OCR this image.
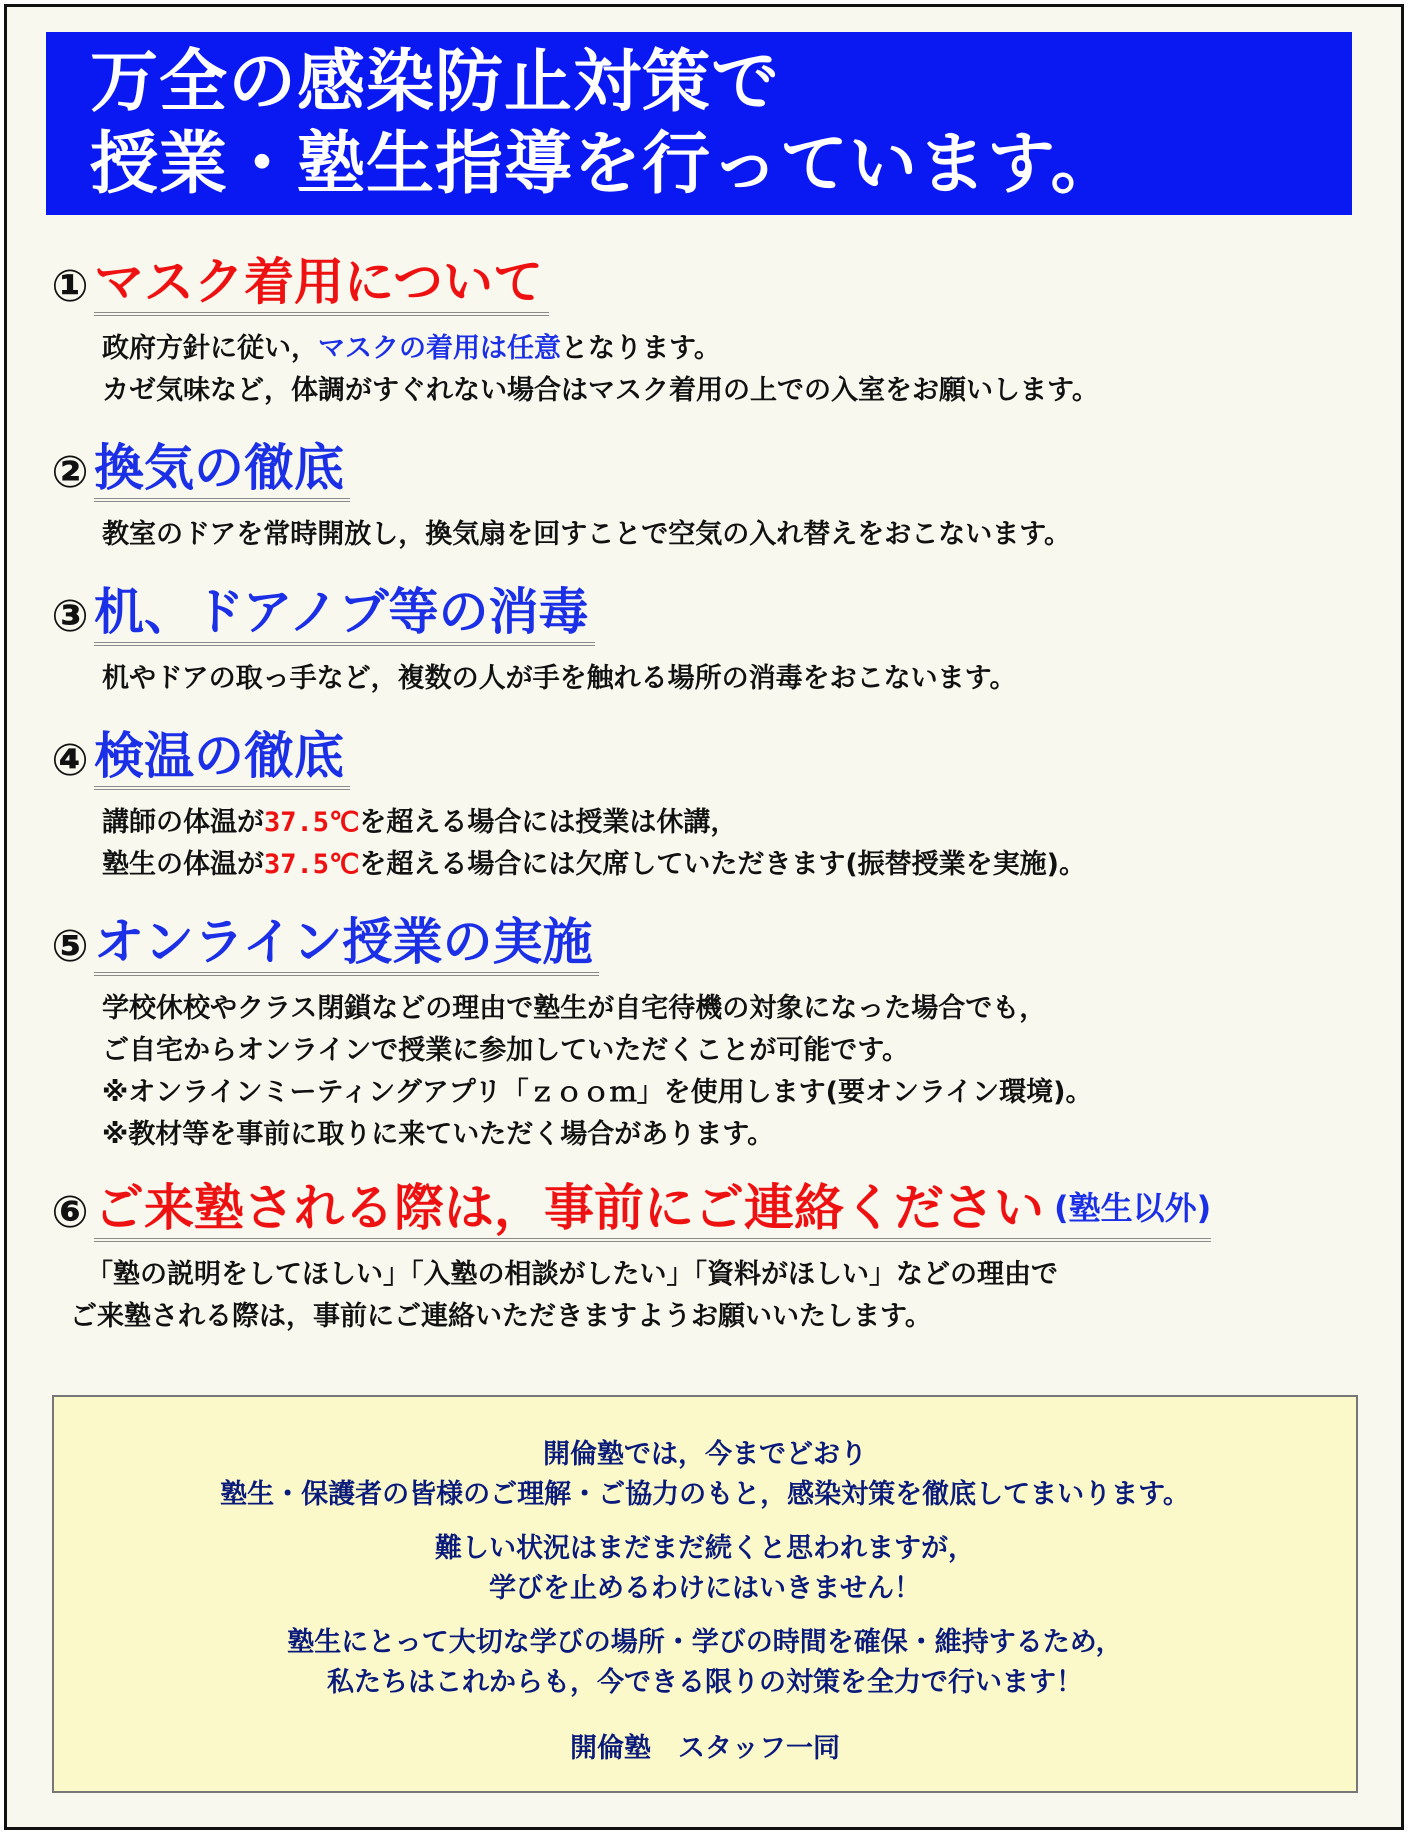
万全の感染防止対策で
授業・塾生指導を行っています。
① マスク着用について
政府方針に従い，マスクの着用は任意となります。
カゼ気味など，体調がすぐれない場合はマスク着用の上での入室をお願いします。
② 換気の徹底
教室のドアを常時開放し，換気扇を回すことで空気の入れ替えをおこないます。
③ 机、ドアノブ等の消毒
机やドアの取っ手など，複数の人が手を触れる場所の消毒をおこないます。
④ 検温の徹底
講師の体温が37.5℃を超える場合には授業は休講，
塾生の体温が37.5℃を超える場合には欠席していただきます(振替授業を実施)。
⑤ オンライン授業の実施
学校休校やクラス閉鎖などの理由で塾生が自宅待機の対象になった場合でも，
ご自宅からオンラインで授業に参加していただくことが可能です。
※オンラインミーティングアプリ「ｚｏｏｍ」を使用します(要オンライン環境)。
※教材等を事前に取りに来ていただく場合があります。
⑥ ご来塾される際は，事前にご連絡ください (塾生以外)
「塾の説明をしてほしい」「入塾の相談がしたい」「資料がほしい」などの理由で
ご来塾される際は，事前にご連絡いただきますようお願いいたします。
開倫塾では，今までどおり
塾生・保護者の皆様のご理解・ご協力のもと，感染対策を徹底してまいります。
難しい状況はまだまだ続くと思われますが，
学びを止めるわけにはいきません！
塾生にとって大切な学びの場所・学びの時間を確保・維持するため，
私たちはこれからも，今できる限りの対策を全力で行います！
開倫塾　スタッフ一同
